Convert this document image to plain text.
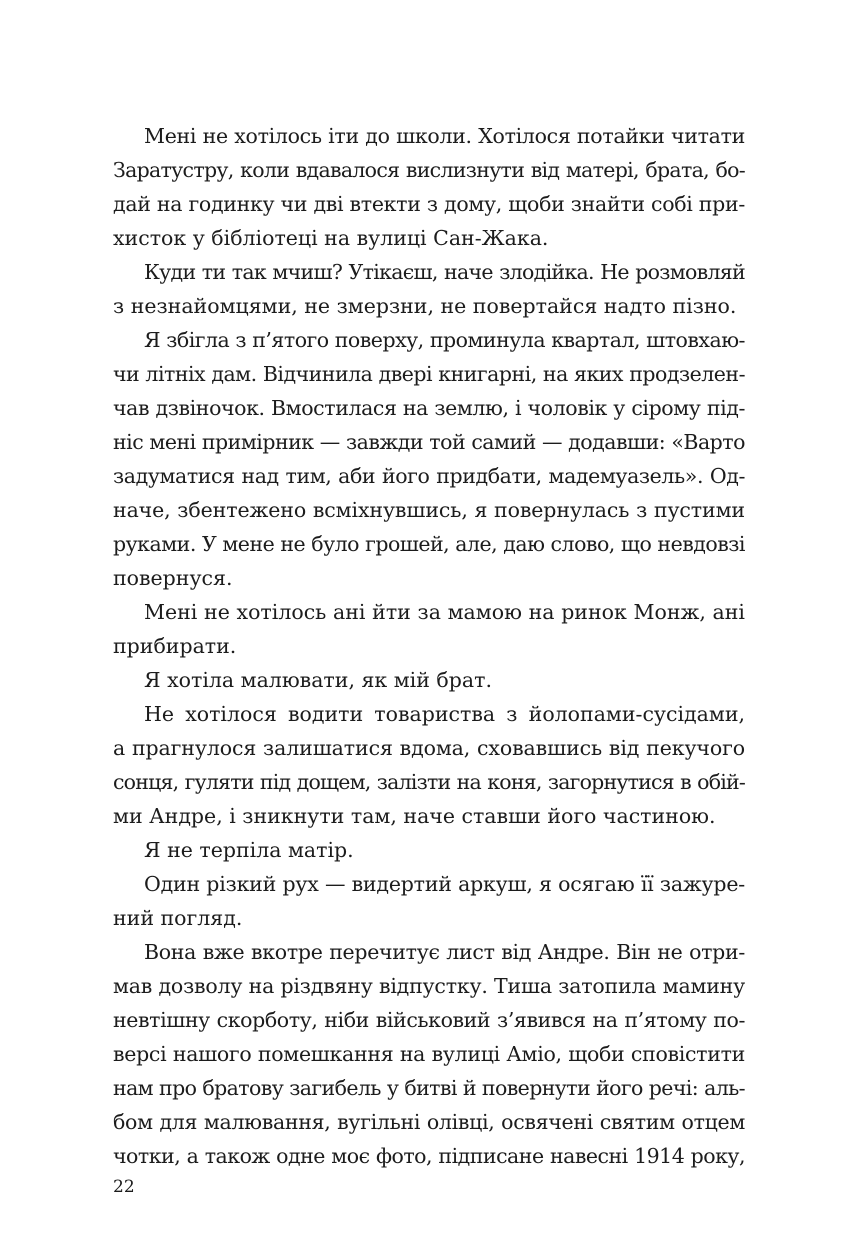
Мені не хотілось іти до школи. Хотілося потайки читати
Заратустру, коли вдавалося вислизнути від матері, брата, бо-
дай на годинку чи дві втекти з дому, щоби знайти собі при-
хисток у бібліотеці на вулиці Сан-Жака.
Куди ти так мчиш? Утікаєш, наче злодійка. Не розмовляй
з незнайомцями, не змерзни, не повертайся надто пізно.
Я збігла з п’ятого поверху, проминула квартал, штовхаю-
чи літніх дам. Відчинила двері книгарні, на яких продзелен-
чав дзвіночок. Вмостилася на землю, і чоловік у сірому під-
ніс мені примірник — завжди той самий — додавши: «Варто
задуматися над тим, аби його придбати, мадемуазель». Од-
наче, збентежено всміхнувшись, я повернулась з пустими
руками. У мене не було грошей, але, даю слово, що невдовзі
повернуся.
Мені не хотілось ані йти за мамою на ринок Монж, ані
прибирати.
Я хотіла малювати, як мій брат.
Не хотілося водити товариства з йолопами-сусідами,
а прагнулося залишатися вдома, сховавшись від пекучого
сонця, гуляти під дощем, залізти на коня, загорнутися в обій-
ми Андре, і зникнути там, наче ставши його частиною.
Я не терпіла матір.
Один різкий рух — видертий аркуш, я осягаю її зажуре-
ний погляд.
Вона вже вкотре перечитує лист від Андре. Він не отри-
мав дозволу на різдвяну відпустку. Тиша затопила мамину
невтішну скорботу, ніби військовий з’явився на п’ятому по-
версі нашого помешкання на вулиці Аміо, щоби сповістити
нам про братову загибель у битві й повернути його речі: аль-
бом для малювання, вугільні олівці, освячені святим отцем
чотки, а також одне моє фото, підписане навесні 1914 року,
22
